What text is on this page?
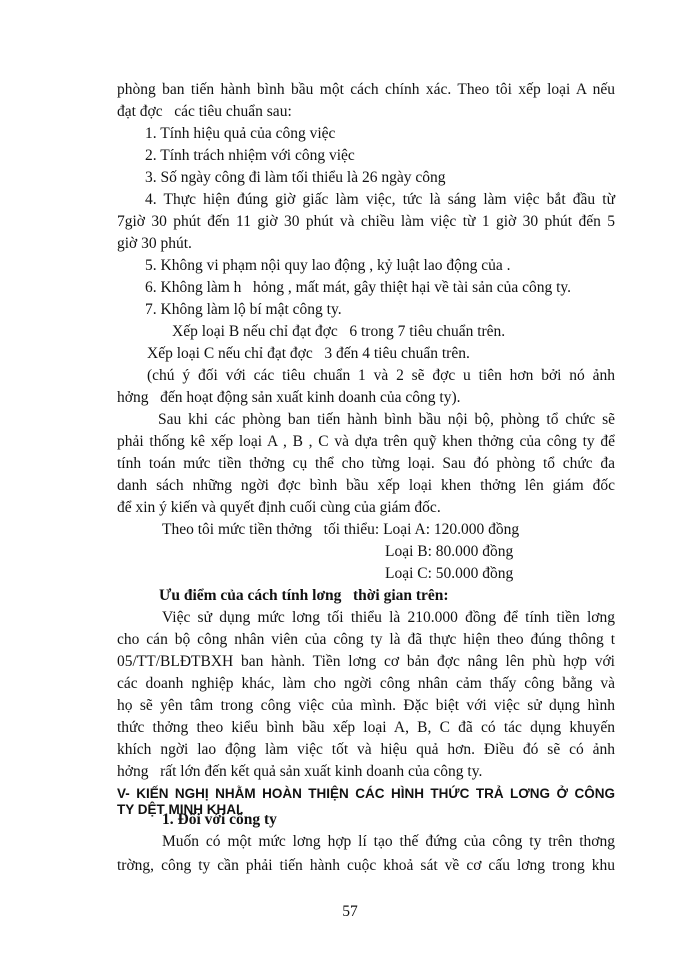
phòng ban tiến hành bình bầu một cách chính xác. Theo tôi xếp loại A nếu
đạt đợc   các tiêu chuẩn sau:
1. Tính hiệu quả của công việc
2. Tính trách nhiệm với công việc
3. Số ngày công đi làm tối thiểu là 26 ngày công
4. Thực hiện đúng giờ giấc làm việc, tức là sáng làm việc bắt đầu từ
7giờ 30 phút đến 11 giờ 30 phút và chiều làm việc từ 1 giờ 30 phút đến 5
giờ 30 phút.
5. Không vi phạm nội quy lao động , kỷ luật lao động của .
6. Không làm h   hỏng , mất mát, gây thiệt hại về tài sản của công ty.
7. Không làm lộ bí mật công ty.
Xếp loại B nếu chỉ đạt đợc   6 trong 7 tiêu chuẩn trên.
Xếp loại C nếu chỉ đạt đợc   3 đến 4 tiêu chuẩn trên.
(chú ý đối với các tiêu chuẩn 1 và 2 sẽ đợc u tiên hơn bởi nó ảnh
hởng   đến hoạt động sản xuất kinh doanh của công ty).
Sau khi các phòng ban tiến hành bình bầu nội bộ, phòng tổ chức sẽ
phải thống kê xếp loại A , B , C và dựa trên quỹ khen thởng của công ty để
tính toán mức tiền thởng cụ thể cho từng loại. Sau đó phòng tổ chức đa
danh sách những ngời đợc bình bầu xếp loại khen thởng lên giám đốc
để xin ý kiến và quyết định cuối cùng của giám đốc.
Theo tôi mức tiền thởng   tối thiểu: Loại A: 120.000 đồng
Loại B: 80.000 đồng
Loại C: 50.000 đồng
Ưu điểm của cách tính lơng   thời gian trên:
Việc sử dụng mức lơng tối thiểu là 210.000 đồng để tính tiền lơng
cho cán bộ công nhân viên của công ty là đã thực hiện theo đúng thông t
05/TT/BLĐTBXH ban hành. Tiền lơng cơ bản đợc nâng lên phù hợp với
các doanh nghiệp khác, làm cho ngời công nhân cảm thấy công bằng và
họ sẽ yên tâm trong công việc của mình. Đặc biệt với việc sử dụng hình
thức thởng theo kiểu bình bầu xếp loại A, B, C đã có tác dụng khuyến
khích ngời lao động làm việc tốt và hiệu quả hơn. Điều đó sẽ có ảnh
hởng   rất lớn đến kết quả sản xuất kinh doanh của công ty.
V- KIẾN NGHỊ NHẰM HOÀN THIỆN CÁC HÌNH THỨC TRẢ LƠNG Ở CÔNG
TY DỆT MINH KHAI.
1. Đối với công ty
Muốn có một mức lơng hợp lí tạo thế đứng của công ty trên thơng
trờng, công ty cần phải tiến hành cuộc khoả sát về cơ cấu lơng trong khu
57
